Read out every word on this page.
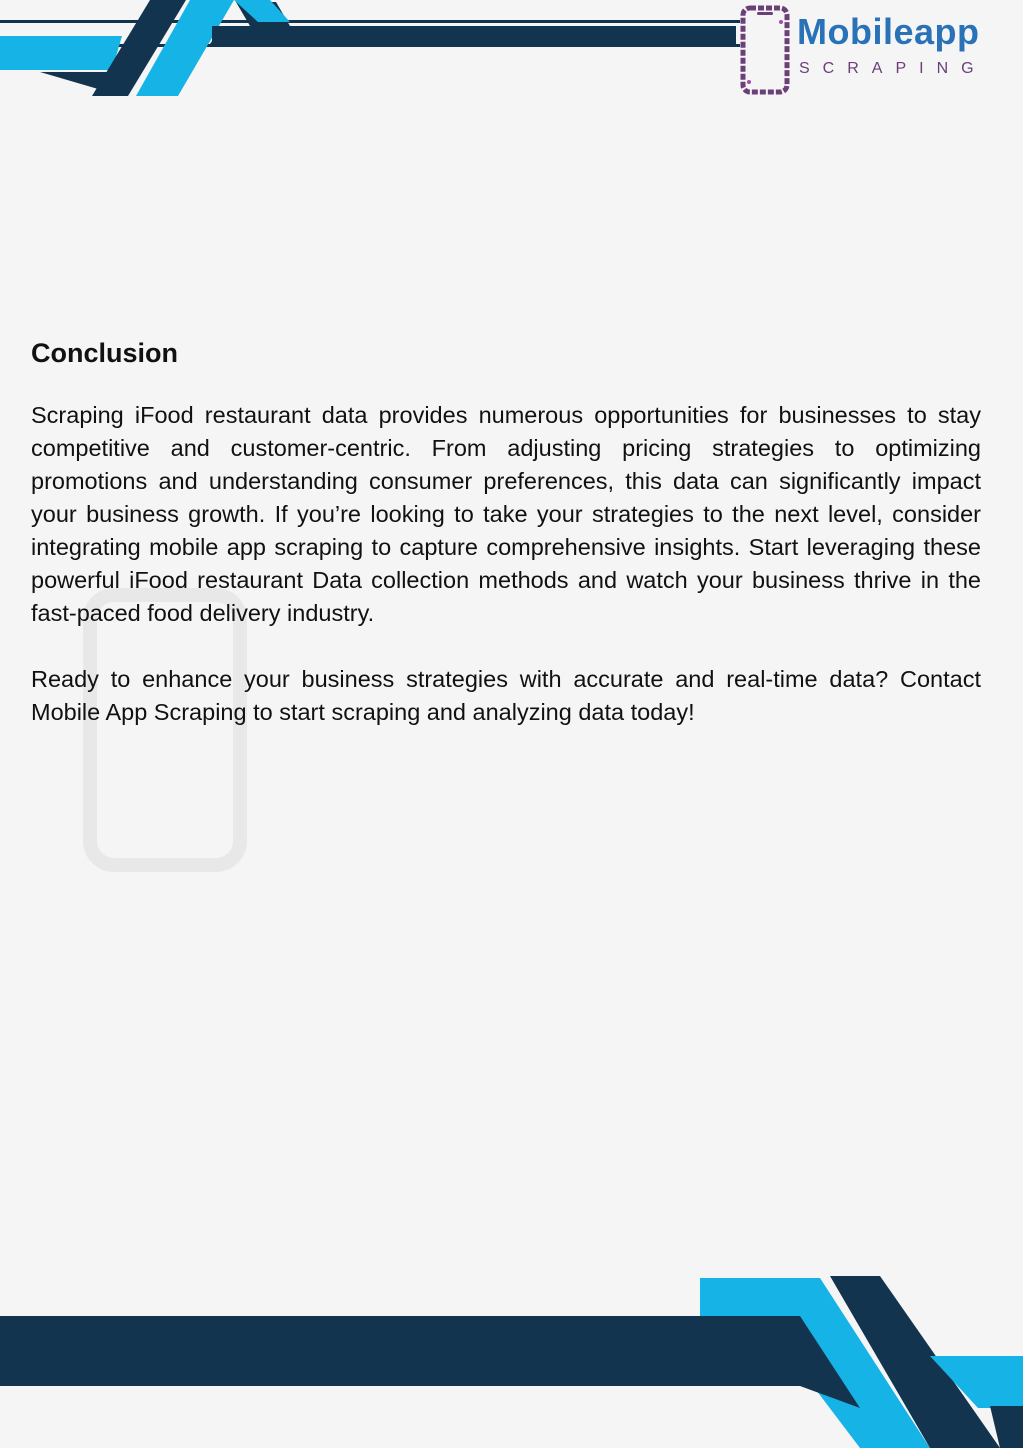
Mobileapp
SCRAPING
Conclusion

Scraping iFood restaurant data provides numerous opportunities for businesses to stay competitive and customer-centric. From adjusting pricing strategies to optimizing promotions and understanding consumer preferences, this data can significantly impact your business growth. If you’re looking to take your strategies to the next level, consider integrating mobile app scraping to capture comprehensive insights. Start leveraging these powerful iFood restaurant Data collection methods and watch your business thrive in the fast-paced food delivery industry.

Ready to enhance your business strategies with accurate and real-time data? Contact Mobile App Scraping to start scraping and analyzing data today!
